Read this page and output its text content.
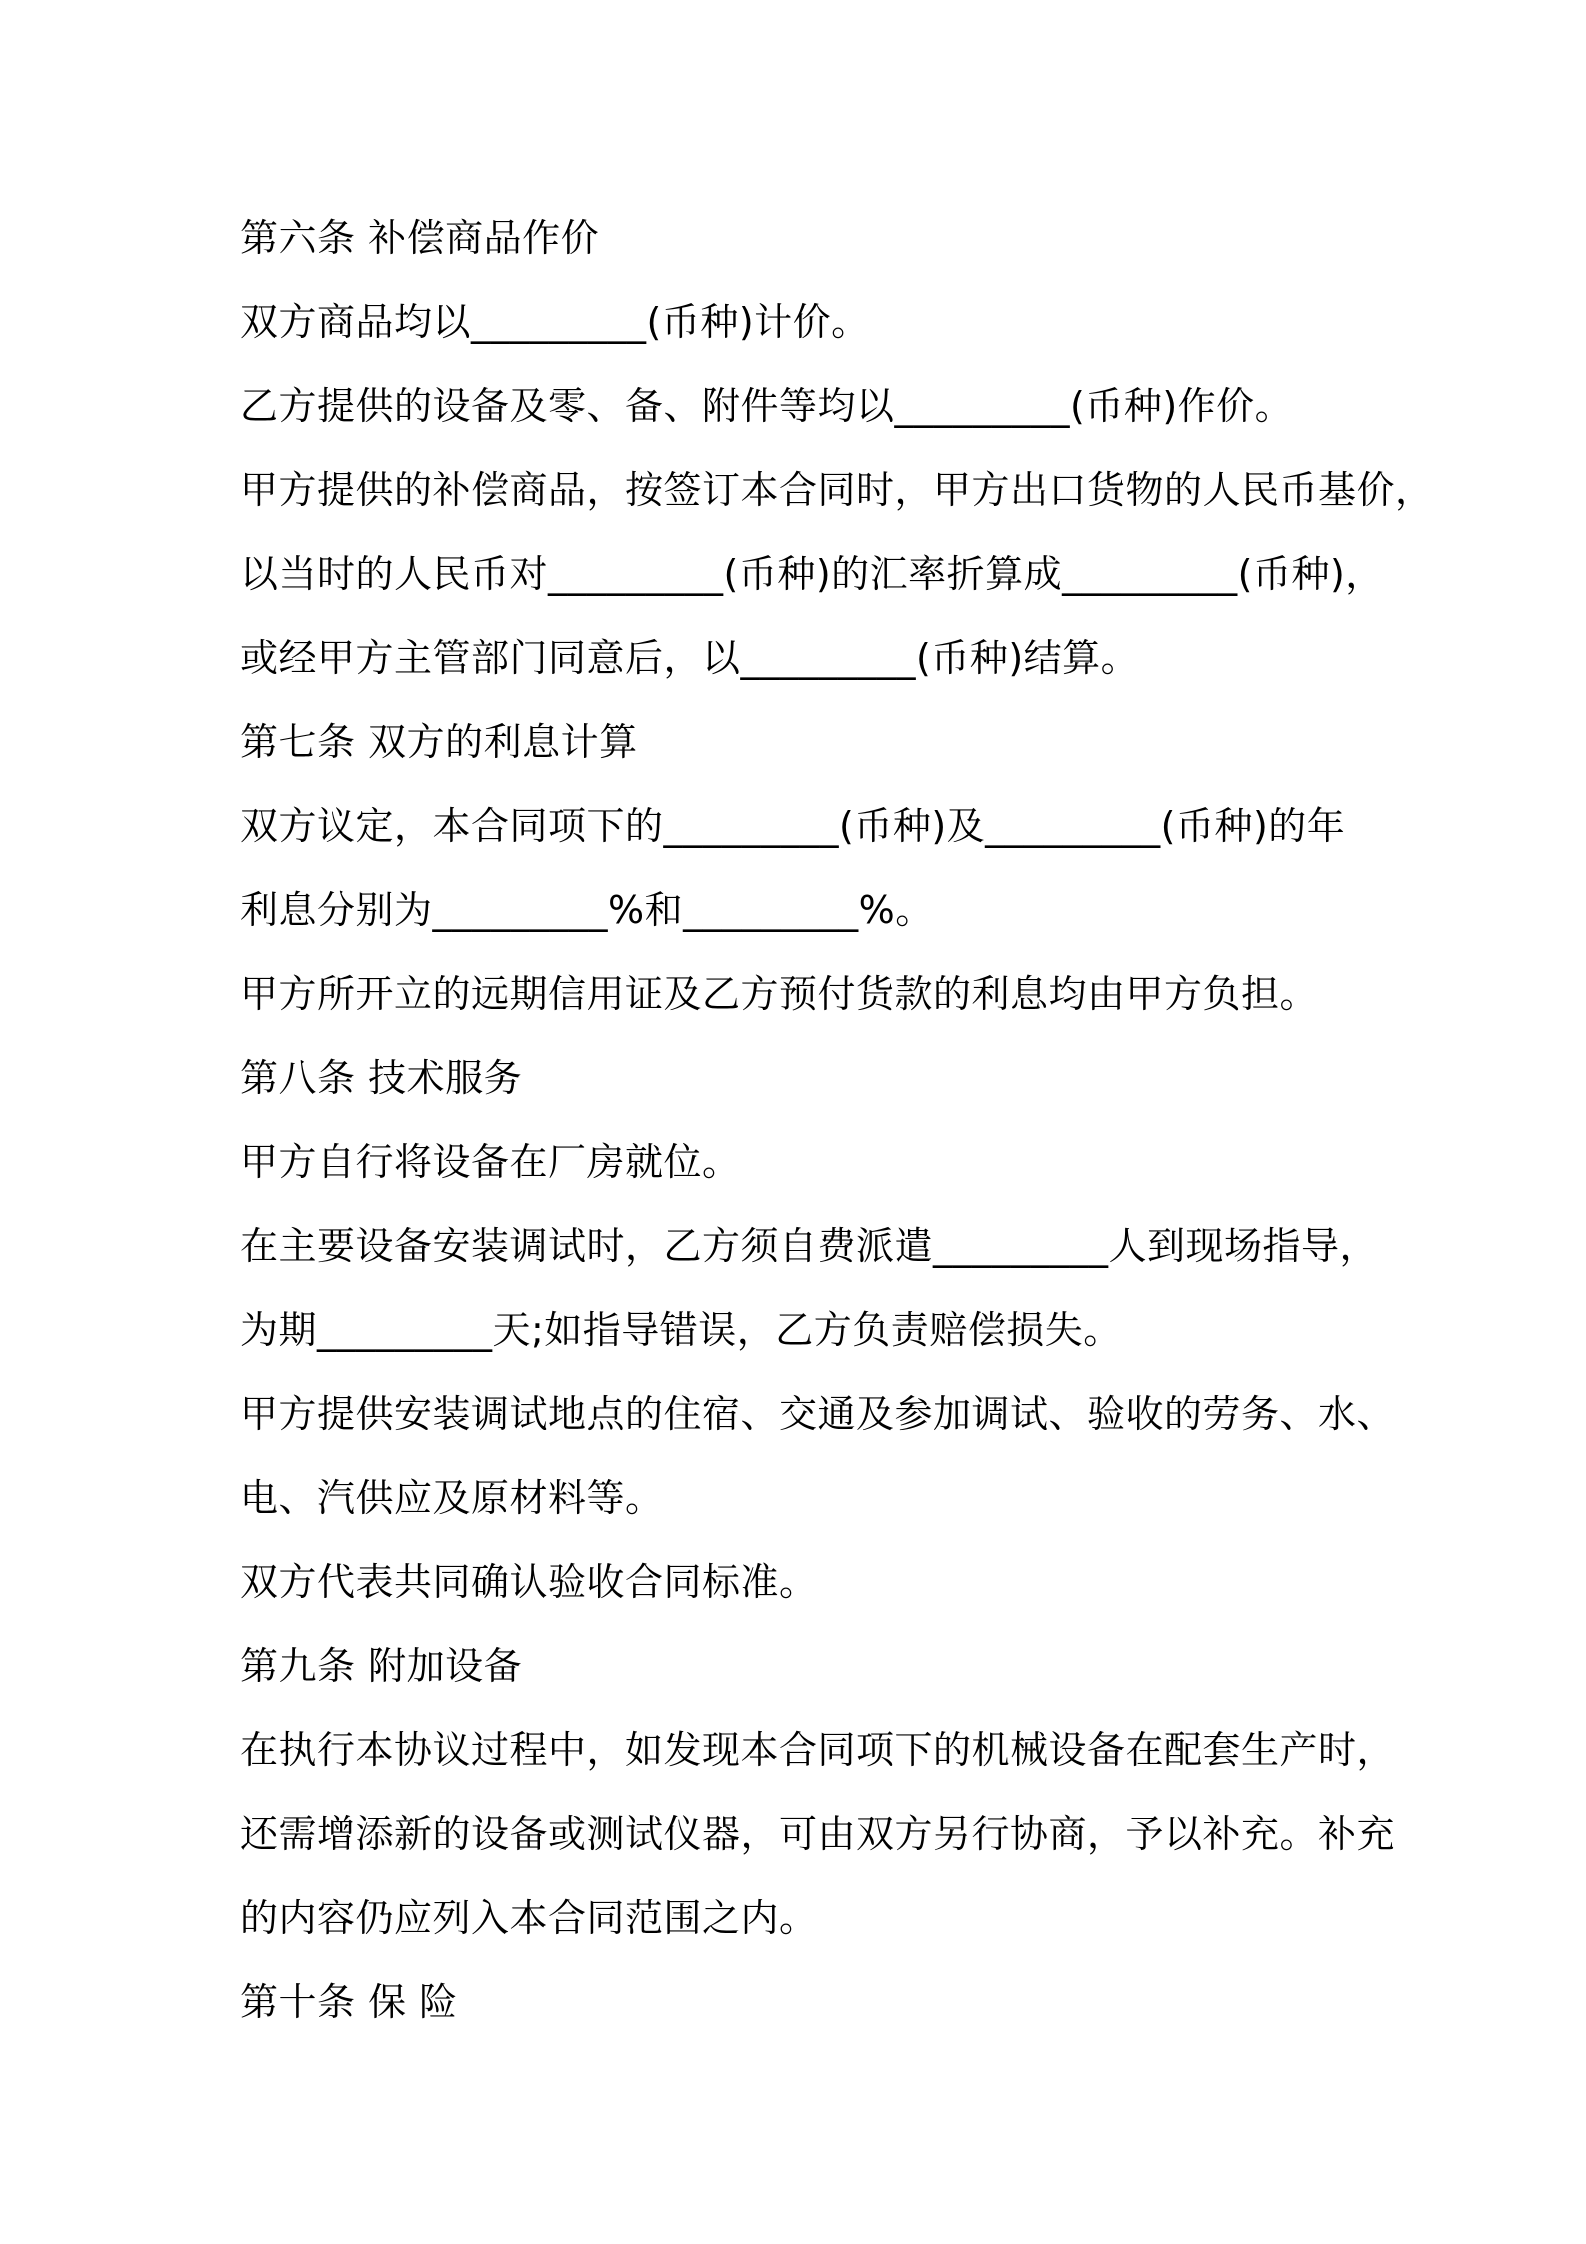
第六条 补偿商品作价
双方商品均以_________(币种)计价。
乙方提供的设备及零、备、附件等均以_________(币种)作价。
甲方提供的补偿商品，按签订本合同时，甲方出口货物的人民币基价，
以当时的人民币对_________(币种)的汇率折算成_________(币种)，
或经甲方主管部门同意后，以_________(币种)结算。
第七条 双方的利息计算
双方议定，本合同项下的_________(币种)及_________(币种)的年
利息分别为_________%和_________%。
甲方所开立的远期信用证及乙方预付货款的利息均由甲方负担。
第八条 技术服务
甲方自行将设备在厂房就位。
在主要设备安装调试时，乙方须自费派遣_________人到现场指导，
为期_________天;如指导错误，乙方负责赔偿损失。
甲方提供安装调试地点的住宿、交通及参加调试、验收的劳务、水、
电、汽供应及原材料等。
双方代表共同确认验收合同标准。
第九条 附加设备
在执行本协议过程中，如发现本合同项下的机械设备在配套生产时，
还需增添新的设备或测试仪器，可由双方另行协商，予以补充。补充
的内容仍应列入本合同范围之内。
第十条 保 险
